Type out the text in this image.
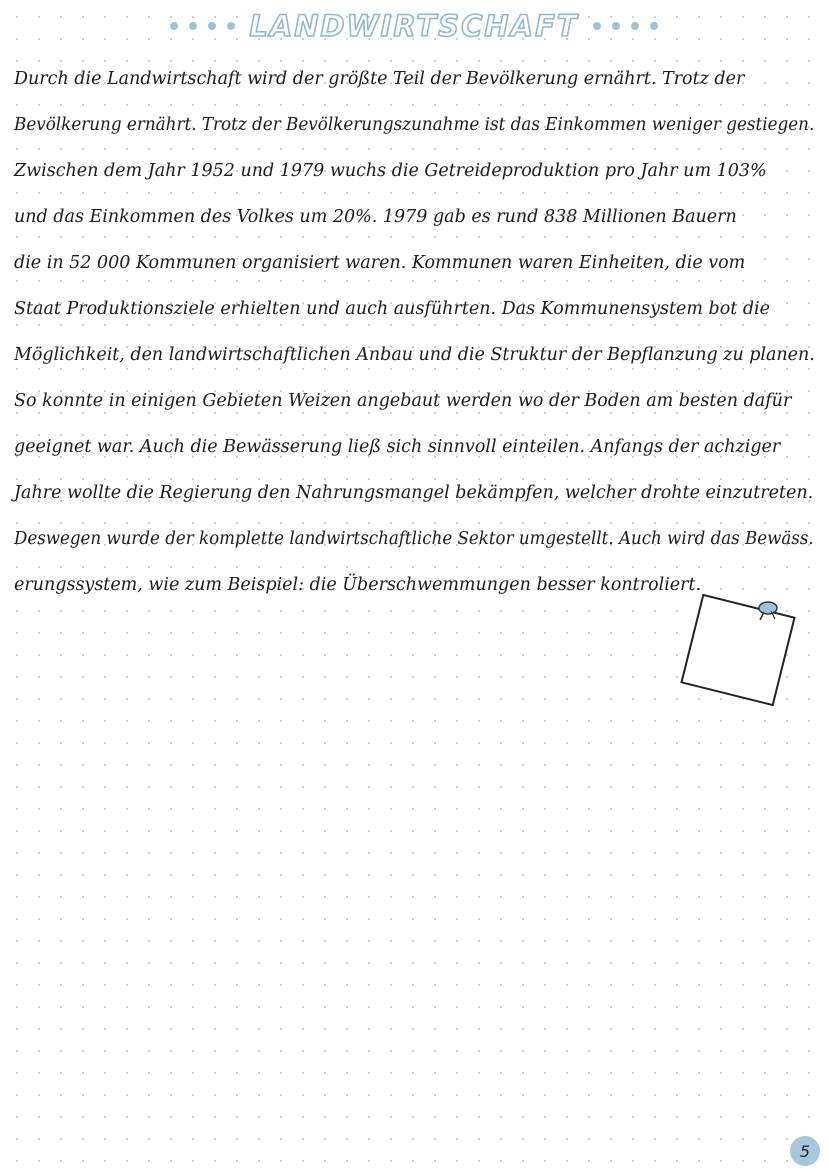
LANDWIRTSCHAFT
Durch die Landwirtschaft wird der größte Teil der Bevölkerung ernährt. Trotz der
Bevölkerung ernährt. Trotz der Bevölkerungszunahme ist das Einkommen weniger gestiegen.
Zwischen dem Jahr 1952 und 1979 wuchs die Getreideproduktion pro Jahr um 103%
und das Einkommen des Volkes um 20%. 1979 gab es rund 838 Millionen Bauern
die in 52 000 Kommunen organisiert waren. Kommunen waren Einheiten, die vom
Staat Produktionsziele erhielten und auch ausführten. Das Kommunensystem bot die
Möglichkeit, den landwirtschaftlichen Anbau und die Struktur der Bepflanzung zu planen.
So konnte in einigen Gebieten Weizen angebaut werden wo der Boden am besten dafür
geeignet war. Auch die Bewässerung ließ sich sinnvoll einteilen. Anfangs der achziger
Jahre wollte die Regierung den Nahrungsmangel bekämpfen, welcher drohte einzutreten.
Deswegen wurde der komplette landwirtschaftliche Sektor umgestellt. Auch wird das Bewäss.
erungssystem, wie zum Beispiel: die Überschwemmungen besser kontroliert.
5
